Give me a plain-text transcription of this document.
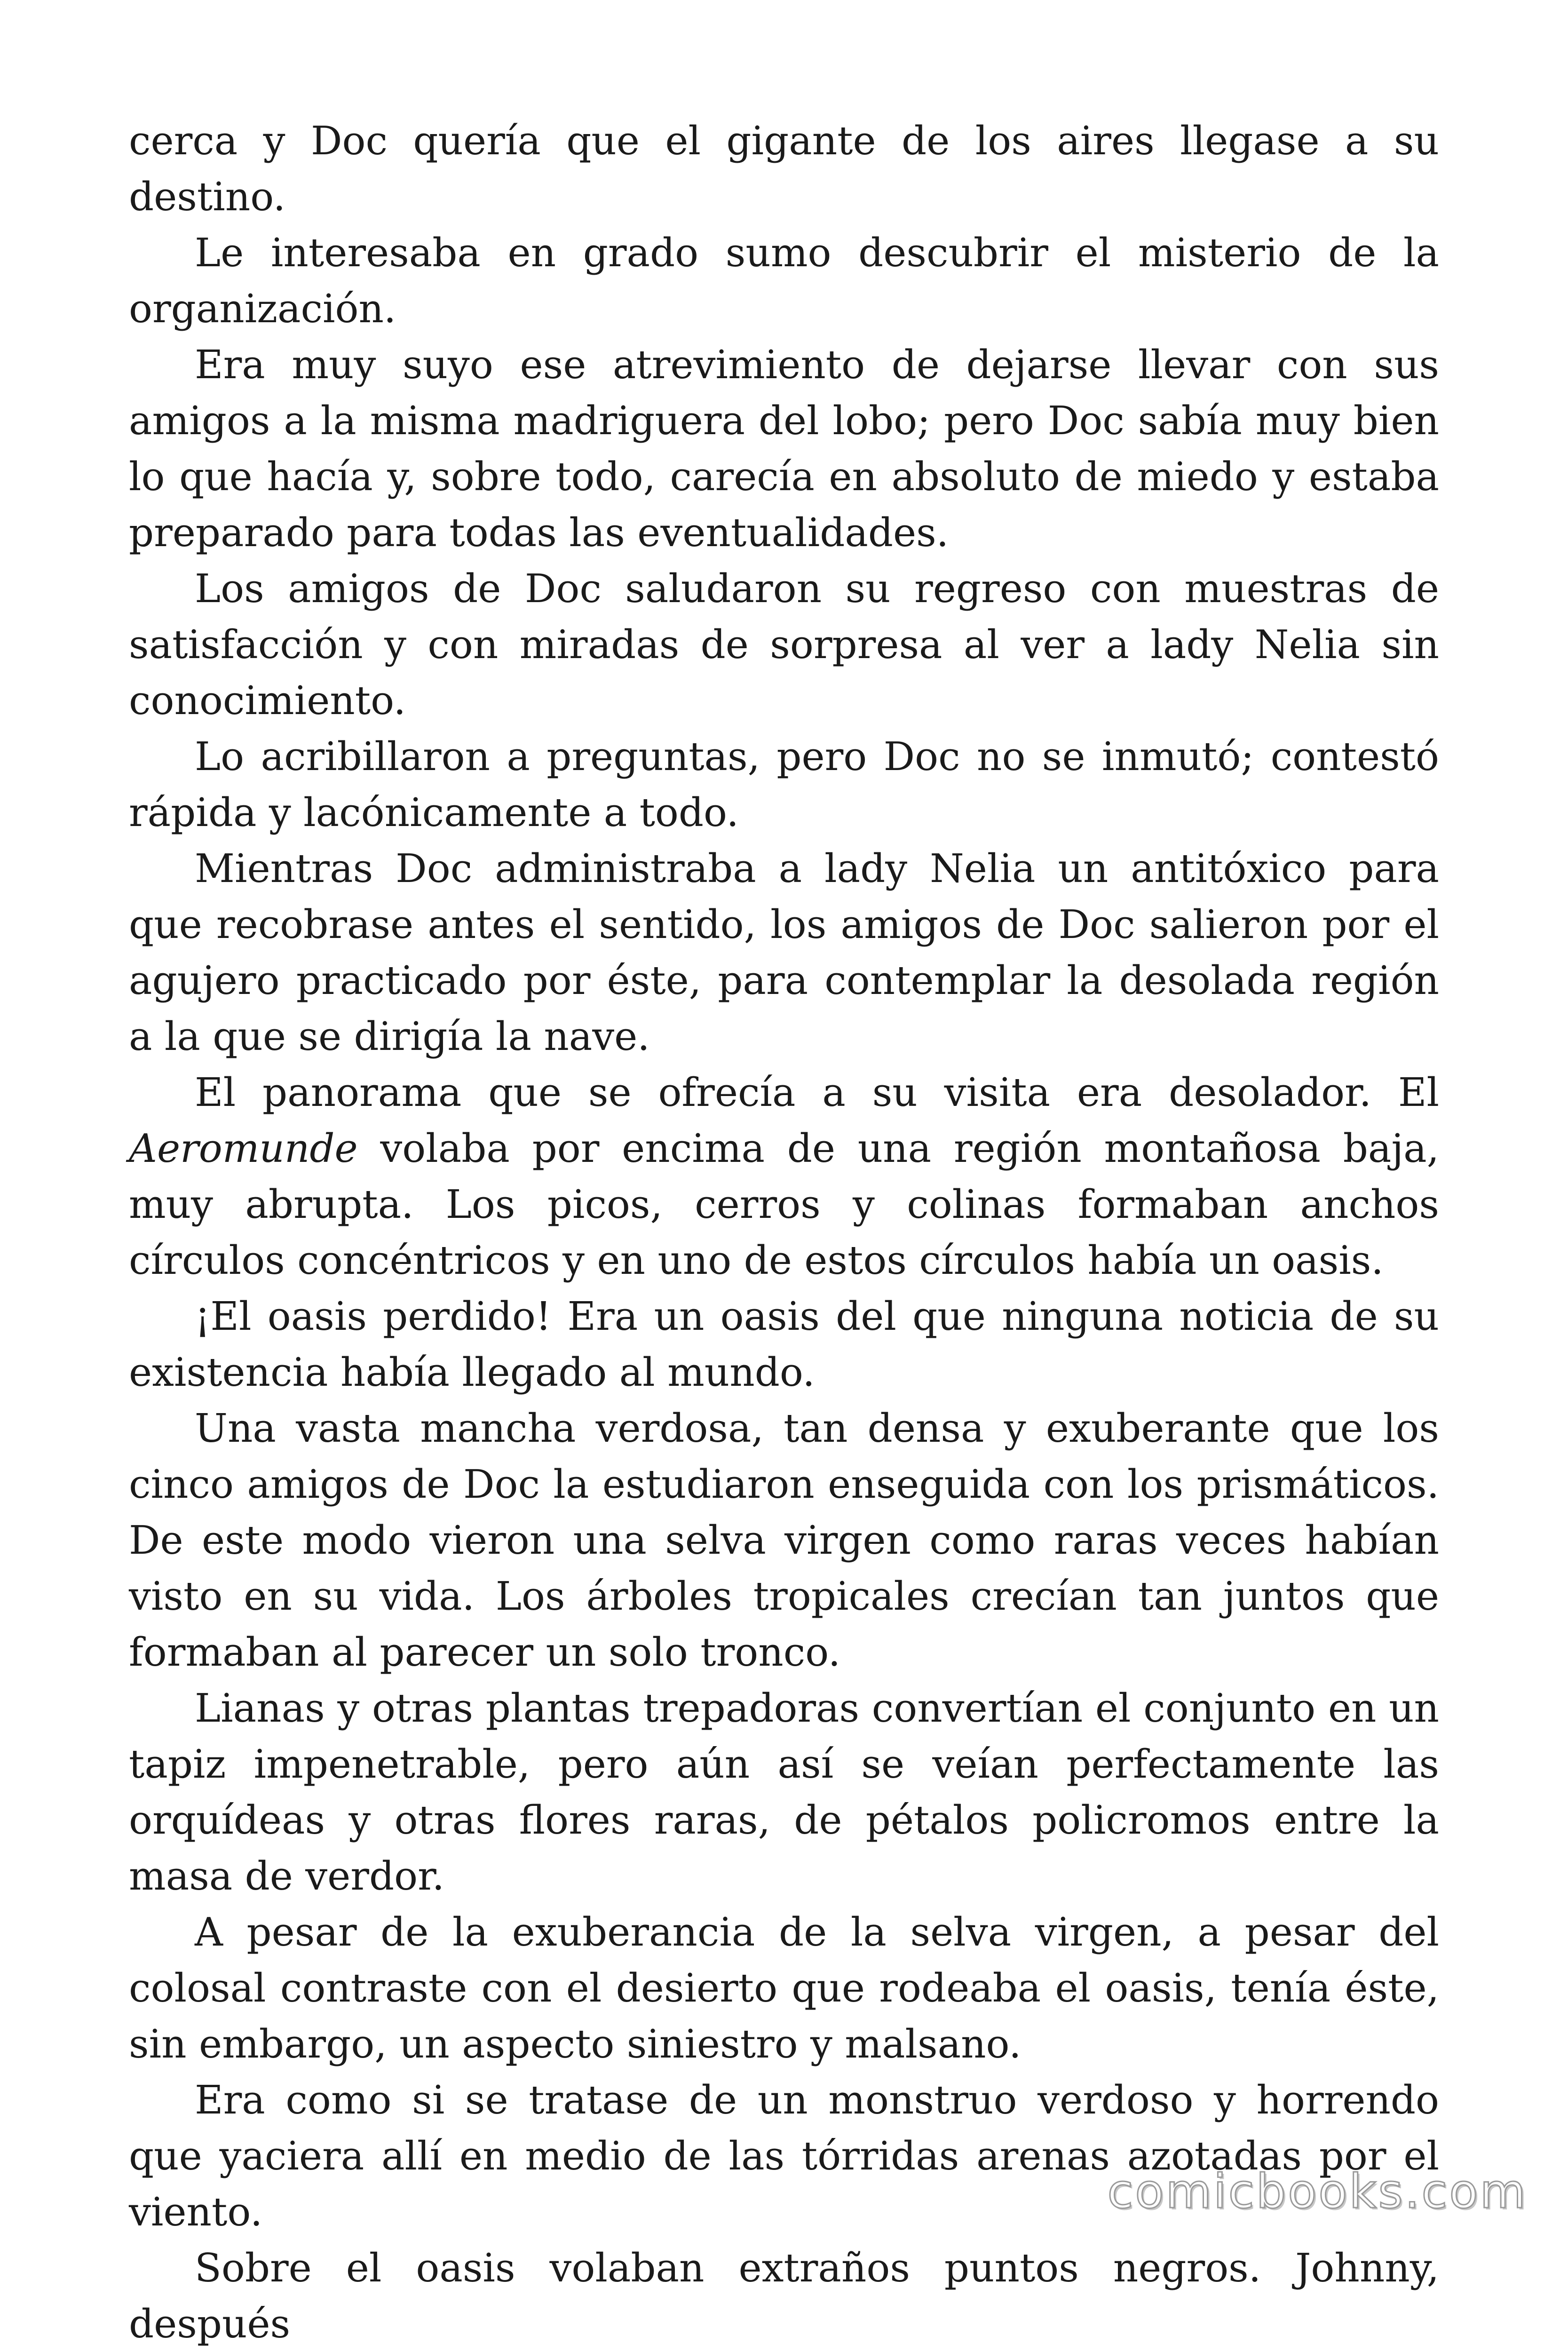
cerca y Doc quería que el gigante de los aires llegase a su destino.

Le interesaba en grado sumo descubrir el misterio de la organización.

Era muy suyo ese atrevimiento de dejarse llevar con sus amigos a la misma madriguera del lobo; pero Doc sabía muy bien lo que hacía y, sobre todo, carecía en absoluto de miedo y estaba preparado para todas las eventualidades.

Los amigos de Doc saludaron su regreso con muestras de satisfacción y con miradas de sorpresa al ver a lady Nelia sin conocimiento.

Lo acribillaron a preguntas, pero Doc no se inmutó; contestó rápida y lacónicamente a todo.

Mientras Doc administraba a lady Nelia un antitóxico para que recobrase antes el sentido, los amigos de Doc salieron por el agujero practicado por éste, para contemplar la desolada región a la que se dirigía la nave.

El panorama que se ofrecía a su visita era desolador. El Aeromunde volaba por encima de una región montañosa baja, muy abrupta. Los picos, cerros y colinas formaban anchos círculos concéntricos y en uno de estos círculos había un oasis.

¡El oasis perdido! Era un oasis del que ninguna noticia de su existencia había llegado al mundo.

Una vasta mancha verdosa, tan densa y exuberante que los cinco amigos de Doc la estudiaron enseguida con los prismáticos. De este modo vieron una selva virgen como raras veces habían visto en su vida. Los árboles tropicales crecían tan juntos que formaban al parecer un solo tronco.

Lianas y otras plantas trepadoras convertían el conjunto en un tapiz impenetrable, pero aún así se veían perfectamente las orquídeas y otras flores raras, de pétalos policromos entre la masa de verdor.

A pesar de la exuberancia de la selva virgen, a pesar del colosal contraste con el desierto que rodeaba el oasis, tenía éste, sin embargo, un aspecto siniestro y malsano.

Era como si se tratase de un monstruo verdoso y horrendo que yaciera allí en medio de las tórridas arenas azotadas por el viento.

Sobre el oasis volaban extraños puntos negros. Johnny, después

comicbooks.com
